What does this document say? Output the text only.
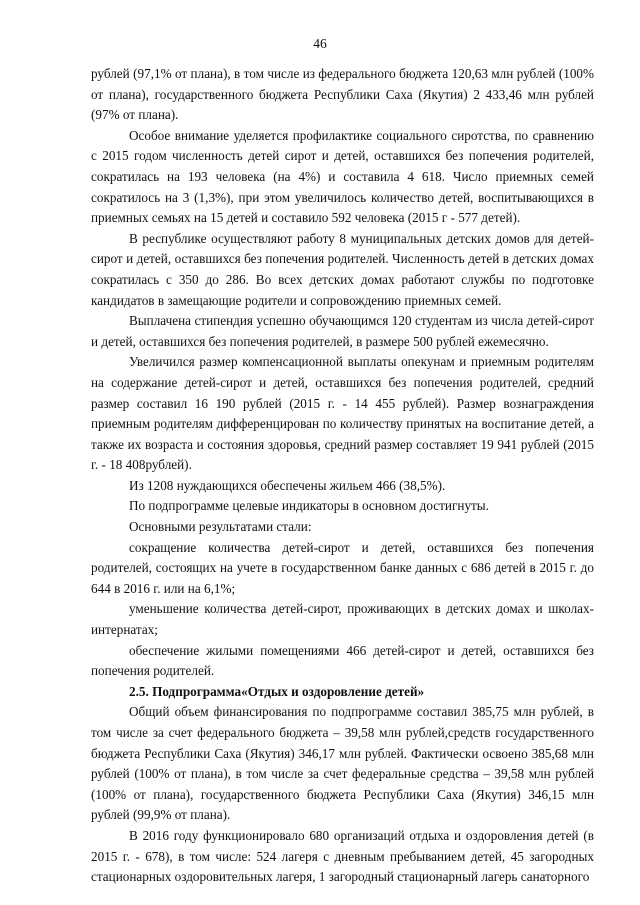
46

рублей (97,1% от плана), в том числе из федерального бюджета 120,63 млн рублей (100% от плана), государственного бюджета Республики Саха (Якутия) 2 433,46 млн рублей (97% от плана).

Особое внимание уделяется профилактике социального сиротства, по сравнению с 2015 годом численность детей сирот и детей, оставшихся без попечения родителей, сократилась на 193 человека (на 4%) и составила 4 618. Число приемных семей сократилось на 3 (1,3%), при этом увеличилось количество детей, воспитывающихся в приемных семьях на 15 детей и составило 592 человека (2015 г - 577 детей).

В республике осуществляют работу 8 муниципальных детских домов для детей-сирот и детей, оставшихся без попечения родителей. Численность детей в детских домах сократилась с 350 до 286. Во всех детских домах работают службы по подготовке кандидатов в замещающие родители и сопровождению приемных семей.

Выплачена стипендия успешно обучающимся 120 студентам из числа детей-сирот и детей, оставшихся без попечения родителей, в размере 500 рублей ежемесячно.

Увеличился размер компенсационной выплаты опекунам и приемным родителям на содержание детей-сирот и детей, оставшихся без попечения родителей, средний размер составил 16 190 рублей (2015 г. - 14 455 рублей). Размер вознаграждения приемным родителям дифференцирован по количеству принятых на воспитание детей, а также их возраста и состояния здоровья, средний размер составляет 19 941 рублей (2015 г. - 18 408рублей).

Из 1208 нуждающихся обеспечены жильем 466 (38,5%).

По подпрограмме целевые индикаторы в основном достигнуты.

Основными результатами стали:

сокращение количества детей-сирот и детей, оставшихся без попечения родителей, состоящих на учете в государственном банке данных с 686 детей в 2015 г. до 644 в 2016 г. или на 6,1%;

уменьшение количества детей-сирот, проживающих в детских домах и школах-интернатах;

обеспечение жилыми помещениями 466 детей-сирот и детей, оставшихся без попечения родителей.

2.5. Подпрограмма«Отдых и оздоровление детей»

Общий объем финансирования по подпрограмме составил 385,75 млн рублей, в том числе за счет федерального бюджета – 39,58 млн рублей,средств государственного бюджета Республики Саха (Якутия) 346,17 млн рублей. Фактически освоено 385,68 млн рублей (100% от плана), в том числе за счет федеральные средства – 39,58 млн рублей (100% от плана), государственного бюджета Республики Саха (Якутия) 346,15 млн рублей (99,9% от плана).

В 2016 году функционировало 680 организаций отдыха и оздоровления детей (в 2015 г. - 678), в том числе: 524 лагеря с дневным пребыванием детей, 45 загородных стационарных оздоровительных лагеря, 1 загородный стационарный лагерь санаторного
